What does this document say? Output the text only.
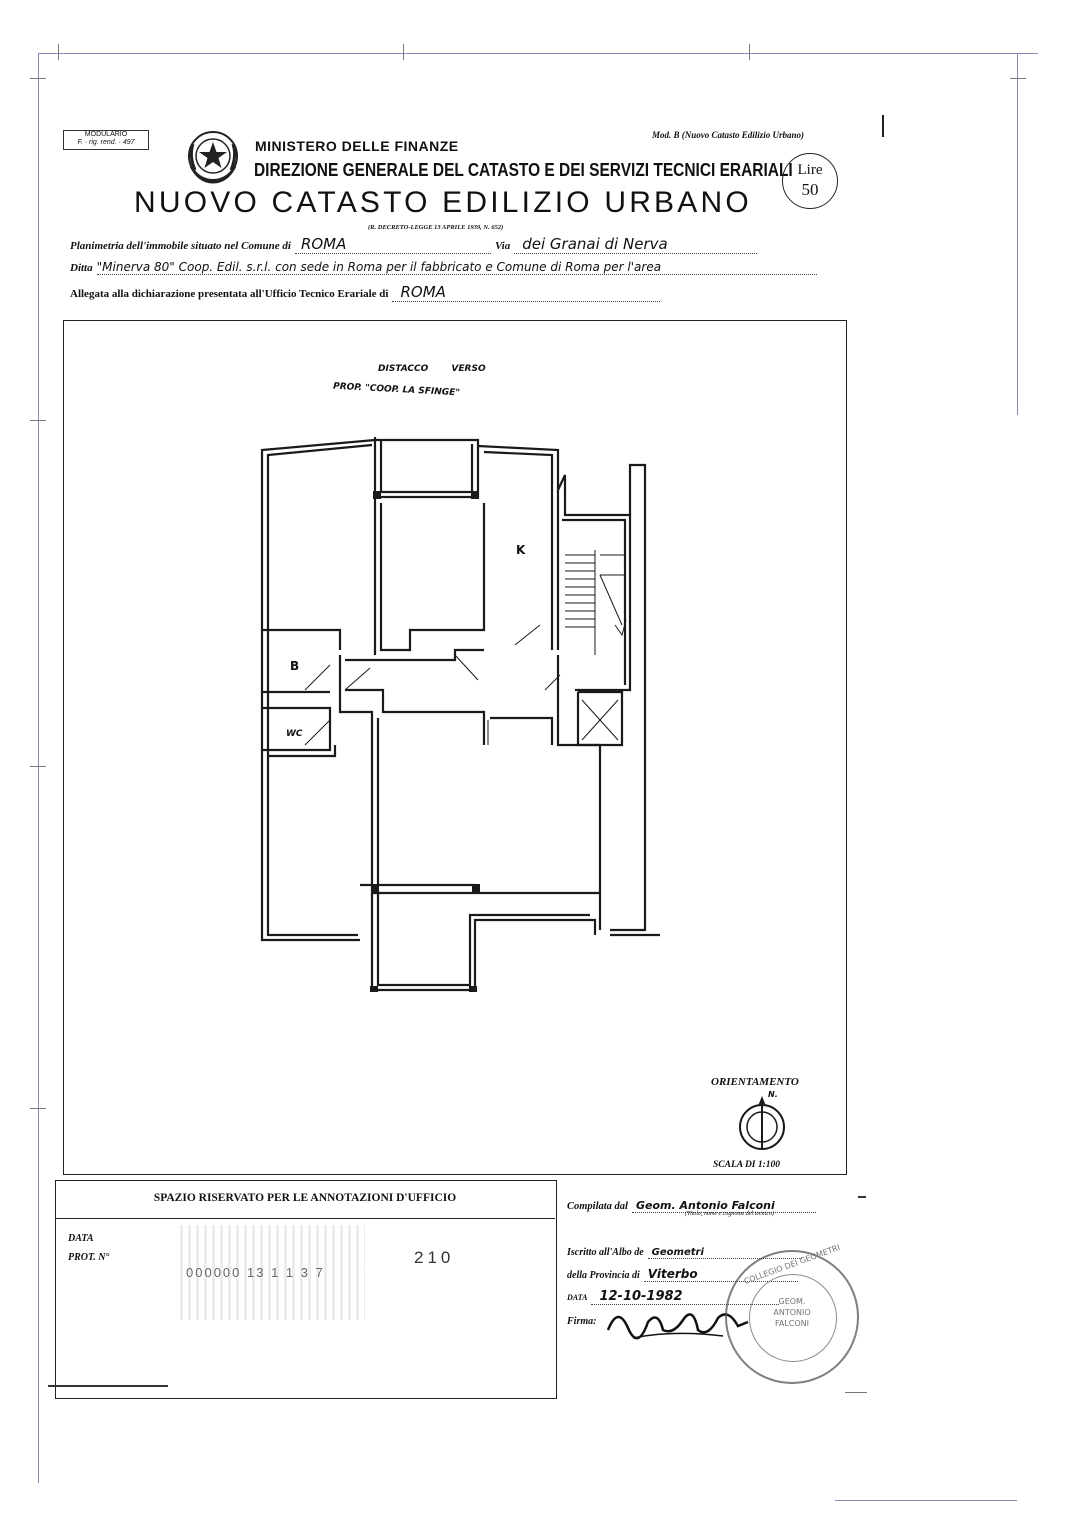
MODULARIO
F. · rig. rend. · 497	MINISTERO DELLE FINANZE
Mod. B (Nuovo Catasto Edilizio Urbano)
DIREZIONE GENERALE DEL CATASTO E DEI SERVIZI TECNICI ERARIALI Lire
50
NUOVO CATASTO EDILIZIO URBANO
(R. DECRETO-LEGGE 13 APRILE 1939, N. 652)
Planimetria dell'immobile situato nel Comune di ROMA	Via dei Granai di Nerva
Ditta "Minerva 80" Coop. Edil. s.r.l. con sede in Roma per il fabbricato e Comune di Roma per l'area
Allegata alla dichiarazione presentata all'Ufficio Tecnico Erariale di ROMA
DISTACCO VERSO
PROP. "COOP. LA SFINGE"
K
B
WC
ORIENTAMENTO
N.
SCALA DI 1:100
SPAZIO RISERVATO PER LE ANNOTAZIONI D'UFFICIO
DATA
PROT. N°
000000 13 1 1 3 7
210
Compilata dal Geom. Antonio Falconi
(Titolo, nome e cognome del tecnico)
Iscritto all'Albo de Geometri
della Provincia di Viterbo
DATA 12-10-1982
Firma:
COLLEGIO DEI GEOMETRI
GEOM.
ANTONIO
FALCONI
